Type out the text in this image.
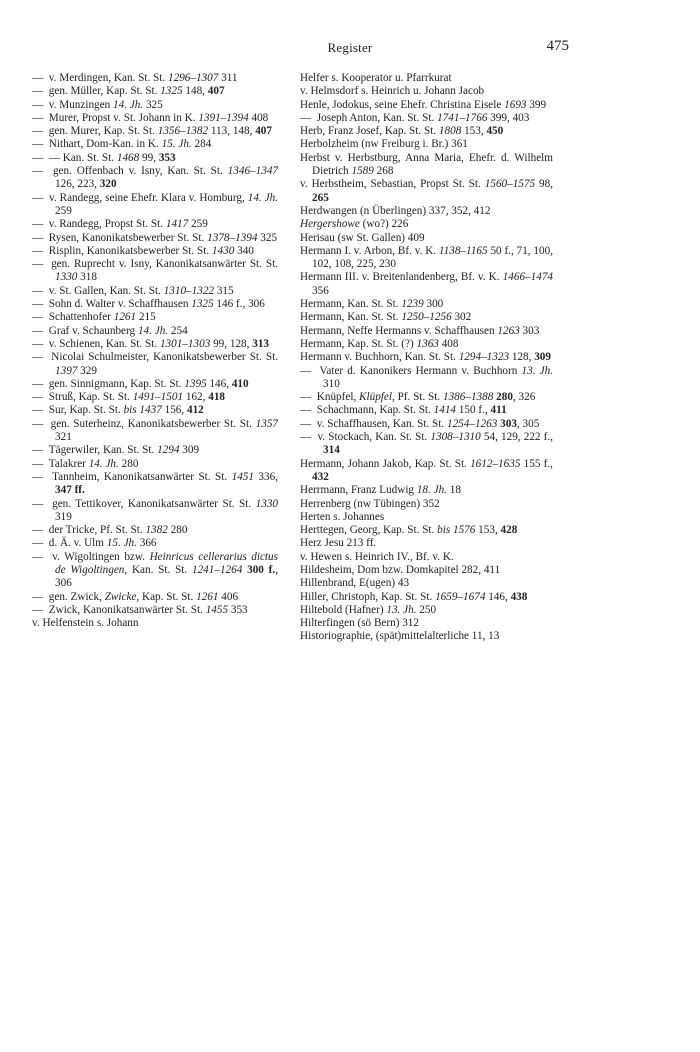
Register	475
—  v. Merdingen, Kan. St. St. 1296–1307 311
—  gen. Müller, Kap. St. St. 1325 148, 407
—  v. Munzingen 14. Jh. 325
—  Murer, Propst v. St. Johann in K. 1391–1394 408
—  gen. Murer, Kap. St. St. 1356–1382 113, 148, 407
—  Nithart, Dom-Kan. in K. 15. Jh. 284
—  — Kan. St. St. 1468 99, 353
—  gen. Offenbach v. Isny, Kan. St. St. 1346–1347 126, 223, 320
—  v. Randegg, seine Ehefr. Klara v. Homburg, 14. Jh. 259
—  v. Randegg, Propst St. St. 1417 259
—  Rysen, Kanonikatsbewerber St. St. 1378–1394 325
—  Risplin, Kanonikatsbewerber St. St. 1430 340
—  gen. Ruprecht v. Isny, Kanonikatsanwärter St. St. 1330 318
—  v. St. Gallen, Kan. St. St. 1310–1322 315
—  Sohn d. Walter v. Schaffhausen 1325 146 f., 306
—  Schattenhofer 1261 215
—  Graf v. Schaunberg 14. Jh. 254
—  v. Schienen, Kan. St. St. 1301–1303 99, 128, 313
—  Nicolai Schulmeister, Kanonikatsbewerber St. St. 1397 329
—  gen. Sinnigmann, Kap. St. St. 1395 146, 410
—  Struß, Kap. St. St. 1491–1501 162, 418
—  Sur, Kap. St. St. bis 1437 156, 412
—  gen. Suterheinz, Kanonikatsbewerber St. St. 1357 321
—  Tägerwiler, Kan. St. St. 1294 309
—  Talakrer 14. Jh. 280
—  Tannheim, Kanonikatsanwärter St. St. 1451 336, 347 ff.
—  gen. Tettikover, Kanonikatsanwärter St. St. 1330 319
—  der Tricke, Pf. St. St. 1382 280
—  d. Ä. v. Ulm 15. Jh. 366
—  v. Wigoltingen bzw. Heinricus cellerarius dictus de Wigoltingen, Kan. St. St. 1241–1264 300 f., 306
—  gen. Zwick, Zwicke, Kap. St. St. 1261 406
—  Zwick, Kanonikatsanwärter St. St. 1455 353
v. Helfenstein s. Johann
Helfer s. Kooperator u. Pfarrkurat
v. Helmsdorf s. Heinrich u. Johann Jacob
Henle, Jodokus, seine Ehefr. Christina Eisele 1693 399
—  Joseph Anton, Kan. St. St. 1741–1766 399, 403
Herb, Franz Josef, Kap. St. St. 1808 153, 450
Herbolzheim (nw Freiburg i. Br.) 361
Herbst v. Herbstburg, Anna Maria, Ehefr. d. Wilhelm Dietrich 1589 268
v. Herbstheim, Sebastian, Propst St. St. 1560–1575 98, 265
Herdwangen (n Überlingen) 337, 352, 412
Hergershowe (wo?) 226
Herisau (sw St. Gallen) 409
Hermann I. v. Arbon, Bf. v. K. 1138–1165 50 f., 71, 100, 102, 108, 225, 230
Hermann III. v. Breitenlandenberg, Bf. v. K. 1466–1474 356
Hermann, Kan. St. St. 1239 300
Hermann, Kan. St. St. 1250–1256 302
Hermann, Neffe Hermanns v. Schaffhausen 1263 303
Hermann, Kap. St. St. (?) 1363 408
Hermann v. Buchhorn, Kan. St. St. 1294–1323 128, 309
—  Vater d. Kanonikers Hermann v. Buchhorn 13. Jh. 310
—  Knüpfel, Klüpfel, Pf. St. St. 1386–1388 280, 326
—  Schachmann, Kap. St. St. 1414 150 f., 411
—  v. Schaffhausen, Kan. St. St. 1254–1263 303, 305
—  v. Stockach, Kan. St. St. 1308–1310 54, 129, 222 f., 314
Hermann, Johann Jakob, Kap. St. St. 1612–1635 155 f., 432
Herrmann, Franz Ludwig 18. Jh. 18
Herrenberg (nw Tübingen) 352
Herten s. Johannes
Herttegen, Georg, Kap. St. St. bis 1576 153, 428
Herz Jesu 213 ff.
v. Hewen s. Heinrich IV., Bf. v. K.
Hildesheim, Dom bzw. Domkapitel 282, 411
Hillenbrand, E(ugen) 43
Hiller, Christoph, Kap. St. St. 1659–1674 146, 438
Hiltebold (Hafner) 13. Jh. 250
Hilterfingen (sö Bern) 312
Historiographie, (spät)mittelalterliche 11, 13
